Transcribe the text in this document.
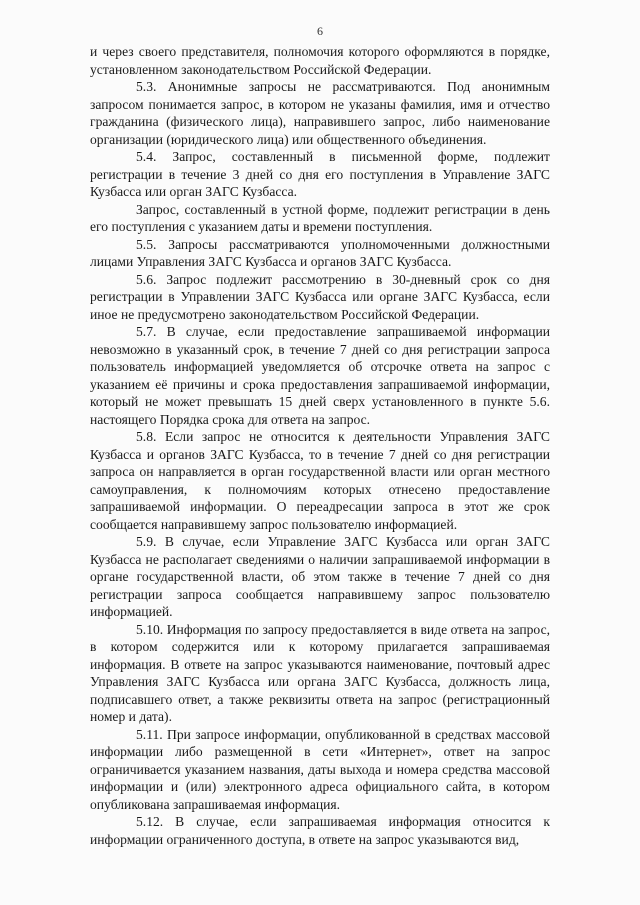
6

и через своего представителя, полномочия которого оформляются в порядке, установленном законодательством Российской Федерации.

5.3. Анонимные запросы не рассматриваются. Под анонимным запросом понимается запрос, в котором не указаны фамилия, имя и отчество гражданина (физического лица), направившего запрос, либо наименование организации (юридического лица) или общественного объединения.

5.4. Запрос, составленный в письменной форме, подлежит регистрации в течение 3 дней со дня его поступления в Управление ЗАГС Кузбасса или орган ЗАГС Кузбасса.

Запрос, составленный в устной форме, подлежит регистрации в день его поступления с указанием даты и времени поступления.

5.5. Запросы рассматриваются уполномоченными должностными лицами Управления ЗАГС Кузбасса и органов ЗАГС Кузбасса.

5.6. Запрос подлежит рассмотрению в 30-дневный срок со дня регистрации в Управлении ЗАГС Кузбасса или органе ЗАГС Кузбасса, если иное не предусмотрено законодательством Российской Федерации.

5.7. В случае, если предоставление запрашиваемой информации невозможно в указанный срок, в течение 7 дней со дня регистрации запроса пользователь информацией уведомляется об отсрочке ответа на запрос с указанием её причины и срока предоставления запрашиваемой информации, который не может превышать 15 дней сверх установленного в пункте 5.6. настоящего Порядка срока для ответа на запрос.

5.8. Если запрос не относится к деятельности Управления ЗАГС Кузбасса и органов ЗАГС Кузбасса, то в течение 7 дней со дня регистрации запроса он направляется в орган государственной власти или орган местного самоуправления, к полномочиям которых отнесено предоставление запрашиваемой информации. О переадресации запроса в этот же срок сообщается направившему запрос пользователю информацией.

5.9. В случае, если Управление ЗАГС Кузбасса или орган ЗАГС Кузбасса не располагает сведениями о наличии запрашиваемой информации в органе государственной власти, об этом также в течение 7 дней со дня регистрации запроса сообщается направившему запрос пользователю информацией.

5.10. Информация по запросу предоставляется в виде ответа на запрос, в котором содержится или к которому прилагается запрашиваемая информация. В ответе на запрос указываются наименование, почтовый адрес Управления ЗАГС Кузбасса или органа ЗАГС Кузбасса, должность лица, подписавшего ответ, а также реквизиты ответа на запрос (регистрационный номер и дата).

5.11. При запросе информации, опубликованной в средствах массовой информации либо размещенной в сети «Интернет», ответ на запрос ограничивается указанием названия, даты выхода и номера средства массовой информации и (или) электронного адреса официального сайта, в котором опубликована запрашиваемая информация.

5.12. В случае, если запрашиваемая информация относится к информации ограниченного доступа, в ответе на запрос указываются вид,
